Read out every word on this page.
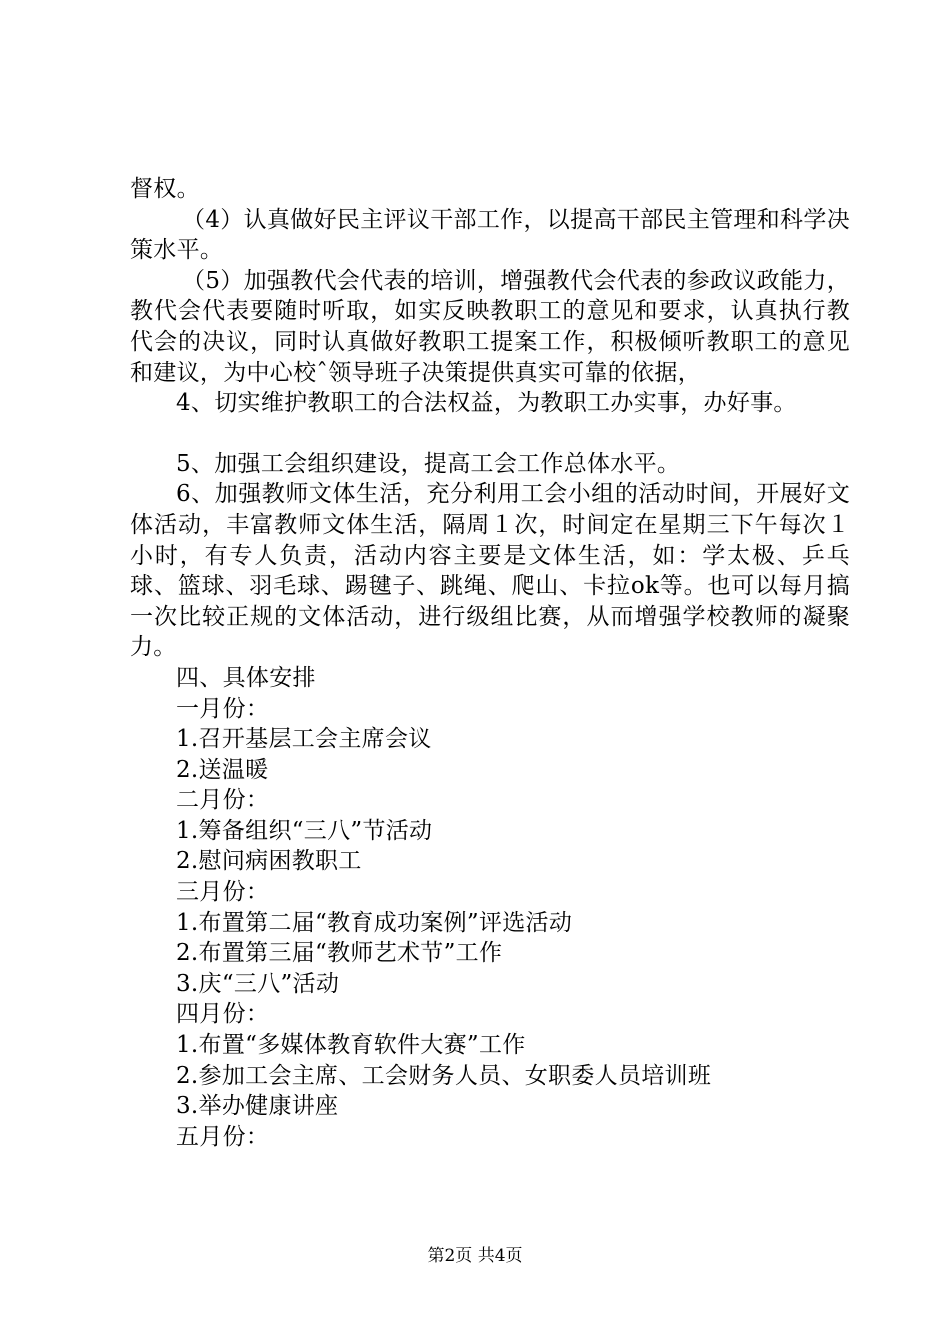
督权。

（4）认真做好民主评议干部工作，以提高干部民主管理和科学决策水平。

（5）加强教代会代表的培训，增强教代会代表的参政议政能力，教代会代表要随时听取，如实反映教职工的意见和要求，认真执行教代会的决议，同时认真做好教职工提案工作，积极倾听教职工的意见和建议，为中心校ˆ领导班子决策提供真实可靠的依据，

4、切实维护教职工的合法权益，为教职工办实事，办好事。

5、加强工会组织建设，提高工会工作总体水平。

6、加强教师文体生活，充分利用工会小组的活动时间，开展好文体活动，丰富教师文体生活，隔周１次，时间定在星期三下午每次１小时，有专人负责，活动内容主要是文体生活，如：学太极、乒乓球、篮球、羽毛球、踢毽子、跳绳、爬山、卡拉ok等。也可以每月搞一次比较正规的文体活动，进行级组比赛，从而增强学校教师的凝聚力。

四、具体安排

一月份：

1.召开基层工会主席会议

2.送温暖

二月份：

1.筹备组织“三八”节活动

2.慰问病困教职工

三月份：

1.布置第二届“教育成功案例”评选活动

2.布置第三届“教师艺术节”工作

3.庆“三八”活动

四月份：

1.布置“多媒体教育软件大赛”工作

2.参加工会主席、工会财务人员、女职委人员培训班

3.举办健康讲座

五月份：

第2页 共4页
